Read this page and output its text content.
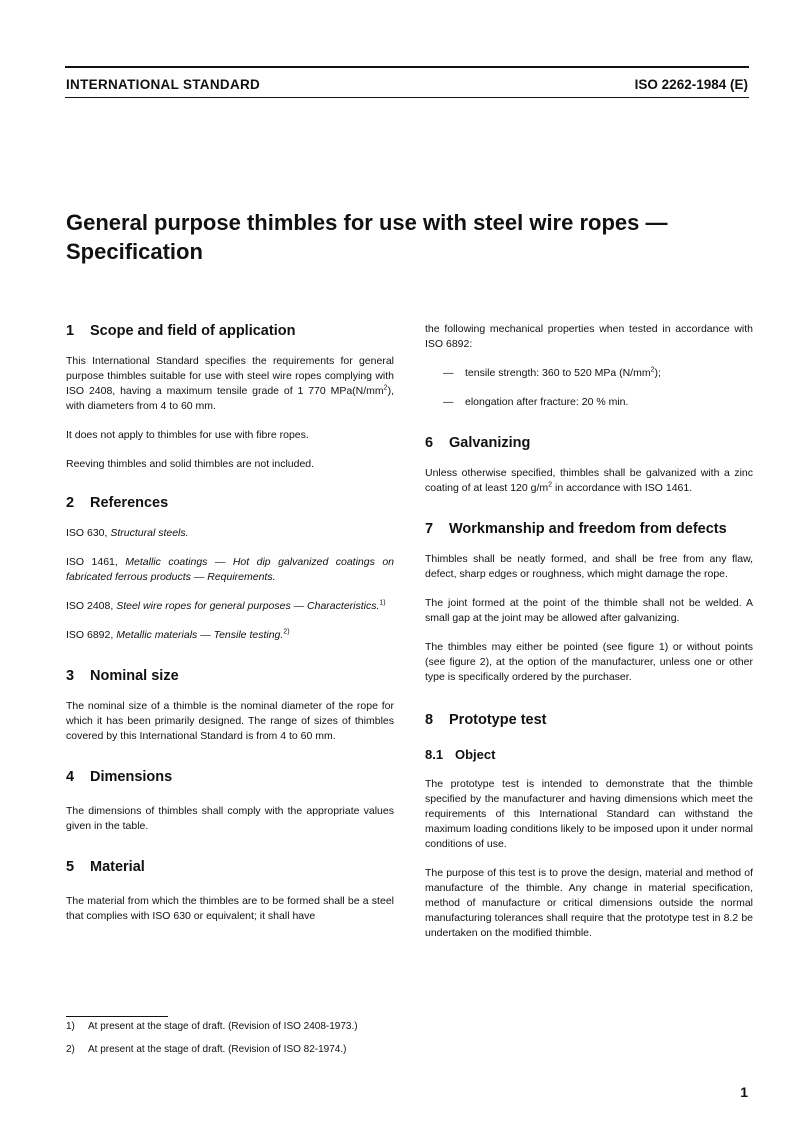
INTERNATIONAL STANDARD	ISO 2262-1984 (E)
General purpose thimbles for use with steel wire ropes — Specification
1 Scope and field of application

This International Standard specifies the requirements for general purpose thimbles suitable for use with steel wire ropes complying with ISO 2408, having a maximum tensile grade of 1 770 $MPa(N/mm^2)$, with diameters from 4 to 60 mm.

It does not apply to thimbles for use with fibre ropes.

Reeving thimbles and solid thimbles are not included.

2 References

ISO 630, Structural steels.

ISO 1461, Metallic coatings — Hot dip galvanized coatings on fabricated ferrous products — Requirements.

ISO 2408, Steel wire ropes for general purposes — Characteristics.$^{1)}$

ISO 6892, Metallic materials — Tensile testing.$^{2)}$

3 Nominal size

The nominal size of a thimble is the nominal diameter of the rope for which it has been primarily designed. The range of sizes of thimbles covered by this International Standard is from 4 to 60 mm.

4 Dimensions

The dimensions of thimbles shall comply with the appropriate values given in the table.

5 Material

The material from which the thimbles are to be formed shall be a steel that complies with ISO 630 or equivalent; it shall have

the following mechanical properties when tested in accordance with ISO 6892:

— tensile strength: 360 to 520 MPa $(N/mm^2)$;
— elongation after fracture: 20 % min.
6 Galvanizing

Unless otherwise specified, thimbles shall be galvanized with a zinc coating of at least 120 $g/m^2$ in accordance with ISO 1461.

7 Workmanship and freedom from defects

Thimbles shall be neatly formed, and shall be free from any flaw, defect, sharp edges or roughness, which might damage the rope.

The joint formed at the point of the thimble shall not be welded. A small gap at the joint may be allowed after galvanizing.

The thimbles may either be pointed (see figure 1) or without points (see figure 2), at the option of the manufacturer, unless one or other type is specifically ordered by the purchaser.

8 Prototype test
8.1 Object

The prototype test is intended to demonstrate that the thimble specified by the manufacturer and having dimensions which meet the requirements of this International Standard can withstand the maximum loading conditions likely to be imposed upon it under normal conditions of use.

The purpose of this test is to prove the design, material and method of manufacture of the thimble. Any change in material specification, method of manufacture or critical dimensions outside the normal manufacturing tolerances shall require that the prototype test in 8.2 be undertaken on the modified thimble.

1) At present at the stage of draft. (Revision of ISO 2408-1973.)
2) At present at the stage of draft. (Revision of ISO 82-1974.)
1
